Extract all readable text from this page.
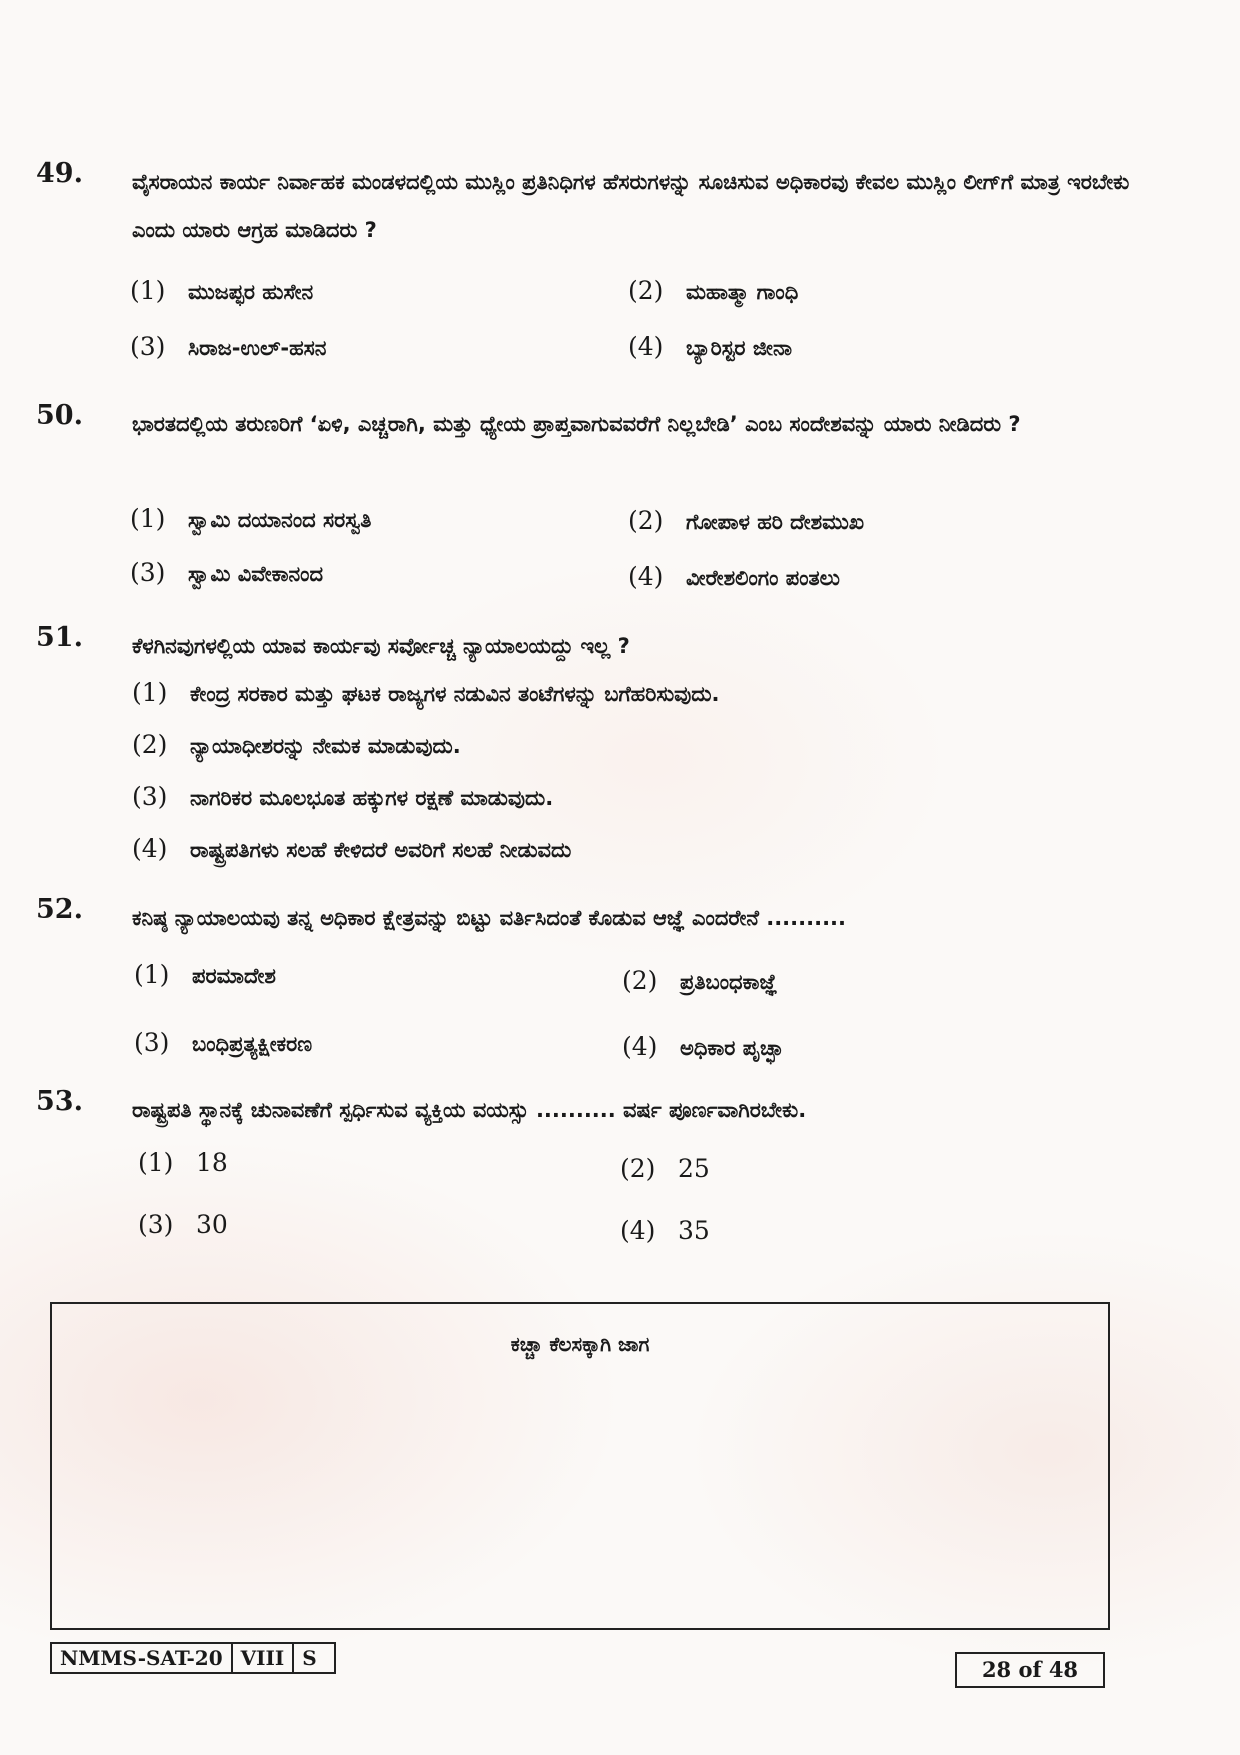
49. ವೈಸರಾಯನ ಕಾರ್ಯ ನಿರ್ವಾಹಕ ಮಂಡಳದಲ್ಲಿಯ ಮುಸ್ಲಿಂ ಪ್ರತಿನಿಧಿಗಳ ಹೆಸರುಗಳನ್ನು ಸೂಚಿಸುವ ಅಧಿಕಾರವು ಕೇವಲ ಮುಸ್ಲಿಂ ಲೀಗ್‌ಗೆ ಮಾತ್ರ ಇರಬೇಕು ಎಂದು ಯಾರು ಆಗ್ರಹ ಮಾಡಿದರು ?
(1) ಮುಜಪ್ಫರ ಹುಸೇನ	(2) ಮಹಾತ್ಮಾ ಗಾಂಧಿ
(3) ಸಿರಾಜ-ಉಲ್-ಹಸನ	(4) ಬ್ಯಾರಿಸ್ಟರ ಜೀನಾ
50. ಭಾರತದಲ್ಲಿಯ ತರುಣರಿಗೆ ‘ಏಳಿ, ಎಚ್ಚರಾಗಿ, ಮತ್ತು ಧ್ಯೇಯ ಪ್ರಾಪ್ತವಾಗುವವರೆಗೆ ನಿಲ್ಲಬೇಡಿ’ ಎಂಬ ಸಂದೇಶವನ್ನು ಯಾರು ನೀಡಿದರು ?
(1) ಸ್ವಾಮಿ ದಯಾನಂದ ಸರಸ್ವತಿ	(2) ಗೋಪಾಳ ಹರಿ ದೇಶಮುಖ
(3) ಸ್ವಾಮಿ ವಿವೇಕಾನಂದ	(4) ವೀರೇಶಲಿಂಗಂ ಪಂತಲು
51. ಕೆಳಗಿನವುಗಳಲ್ಲಿಯ ಯಾವ ಕಾರ್ಯವು ಸರ್ವೋಚ್ಚ ನ್ಯಾಯಾಲಯದ್ದು ಇಲ್ಲ ?
(1) ಕೇಂದ್ರ ಸರಕಾರ ಮತ್ತು ಘಟಕ ರಾಜ್ಯಗಳ ನಡುವಿನ ತಂಟೆಗಳನ್ನು ಬಗೆಹರಿಸುವುದು.
(2) ನ್ಯಾಯಾಧೀಶರನ್ನು ನೇಮಕ ಮಾಡುವುದು.
(3) ನಾಗರಿಕರ ಮೂಲಭೂತ ಹಕ್ಕುಗಳ ರಕ್ಷಣೆ ಮಾಡುವುದು.
(4) ರಾಷ್ಟ್ರಪತಿಗಳು ಸಲಹೆ ಕೇಳಿದರೆ ಅವರಿಗೆ ಸಲಹೆ ನೀಡುವದು
52. ಕನಿಷ್ಠ ನ್ಯಾಯಾಲಯವು ತನ್ನ ಅಧಿಕಾರ ಕ್ಷೇತ್ರವನ್ನು ಬಿಟ್ಟು ವರ್ತಿಸಿದಂತೆ ಕೊಡುವ ಆಜ್ಞೆ ಎಂದರೇನೆ ..........
(1) ಪರಮಾದೇಶ	(2) ಪ್ರತಿಬಂಧಕಾಜ್ಞೆ
(3) ಬಂಧಿಪ್ರತ್ಯಕ್ಷೀಕರಣ	(4) ಅಧಿಕಾರ ಪೃಚ್ಛಾ
53. ರಾಷ್ಟ್ರಪತಿ ಸ್ಥಾನಕ್ಕೆ ಚುನಾವಣೆಗೆ ಸ್ಪರ್ಧಿಸುವ ವ್ಯಕ್ತಿಯ ವಯಸ್ಸು .......... ವರ್ಷ ಪೂರ್ಣವಾಗಿರಬೇಕು.
(1) 18	(2) 25
(3) 30	(4) 35
ಕಚ್ಚಾ ಕೆಲಸಕ್ಕಾಗಿ ಜಾಗ
NMMS-SAT-20 VIII S	28 of 48
